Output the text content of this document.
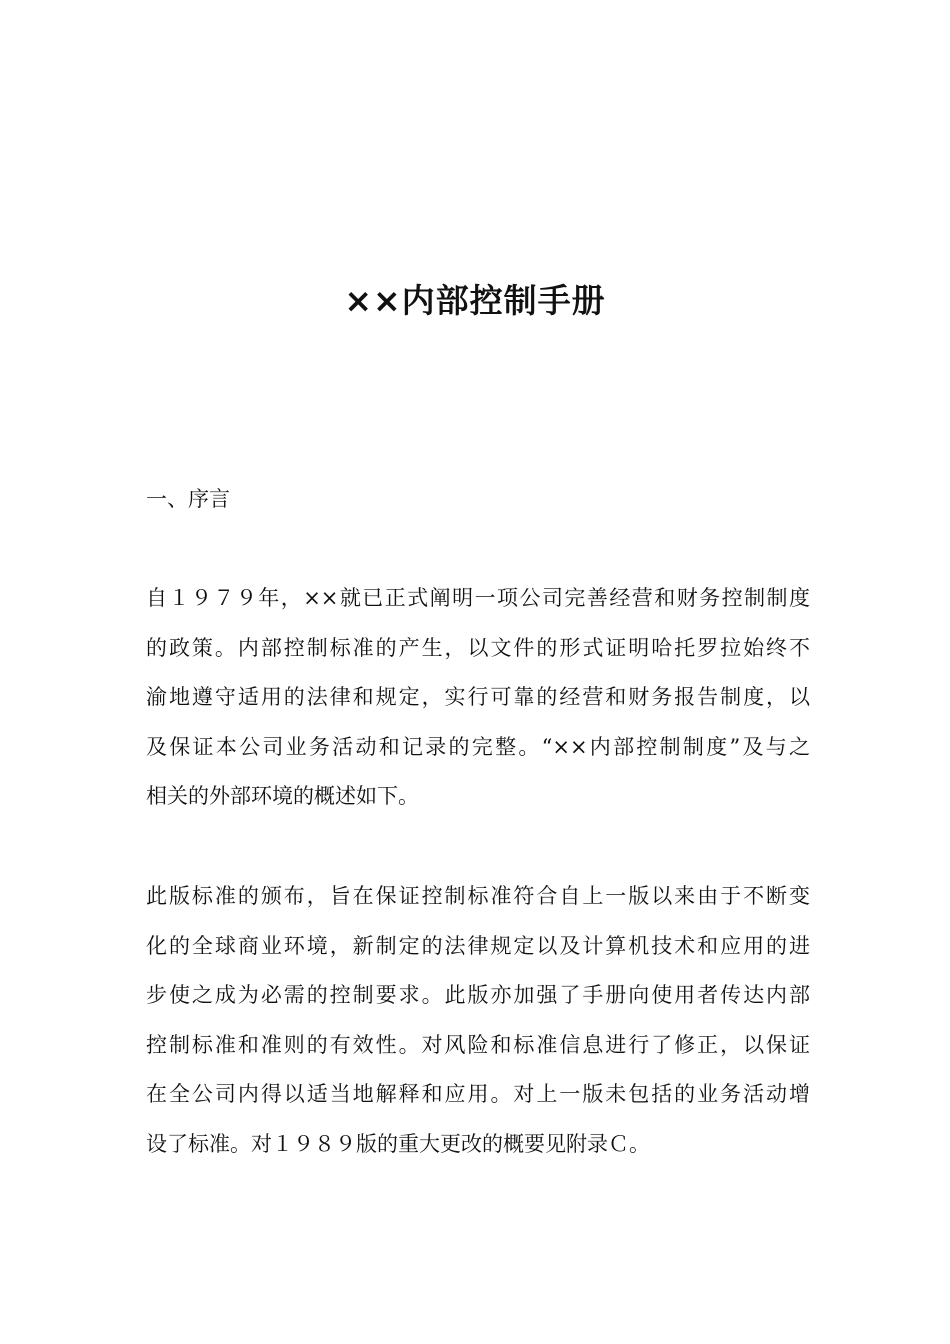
××内部控制手册
一、序言
自１９７９年，××就已正式阐明一项公司完善经营和财务控制制度
的政策。内部控制标准的产生，以文件的形式证明哈托罗拉始终不
渝地遵守适用的法律和规定，实行可靠的经营和财务报告制度，以
及保证本公司业务活动和记录的完整。“××内部控制制度”及与之
相关的外部环境的概述如下。
此版标准的颁布，旨在保证控制标准符合自上一版以来由于不断变
化的全球商业环境，新制定的法律规定以及计算机技术和应用的进
步使之成为必需的控制要求。此版亦加强了手册向使用者传达内部
控制标准和准则的有效性。对风险和标准信息进行了修正，以保证
在全公司内得以适当地解释和应用。对上一版未包括的业务活动增
设了标准。对１９８９版的重大更改的概要见附录Ｃ。
